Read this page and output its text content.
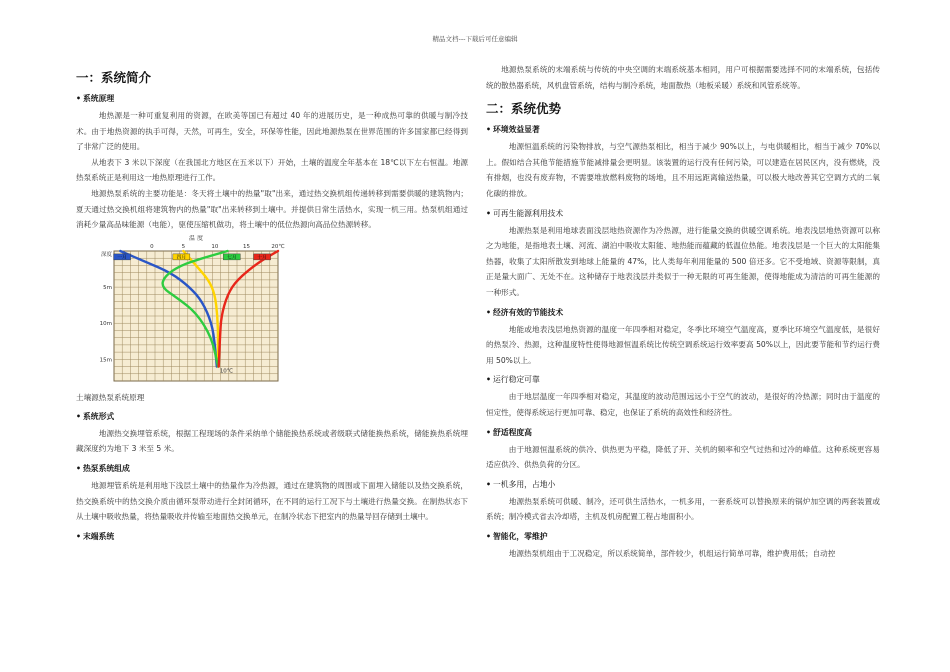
精品文档---下载后可任意编辑
一：系统简介
• 系统原理

地热源是一种可重复利用的资源，在欧美等国已有超过 40 年的进展历史，是一种成热可靠的供暖与制冷技术。由于地热资源的执手可得，天然，可再生，安全，环保等性能，因此地源热泵在世界范围的许多国家都已经得到了非常广泛的使用。

从地表下 3 米以下深度（在我国北方地区在五米以下）开始，土壤的温度全年基本在 18℃以下左右恒温。地源热泵系统正是利用这一地热原理进行工作。

地源热泵系统的主要功能是：冬天将土壤中的热量"取"出来，通过热交换机组传递转移到需要供暖的建筑物内；夏天通过热交换机组将建筑物内的热量"取"出来转移到土壤中。并提供日常生活热水，实现一机三用。热泵机组通过消耗少量高品味能源（电能），驱使压缩机做功，将土壤中的低位热源向高品位热源转移。

温 度
0	5	10	15	20℃
深度
5m
10m
15m
一月	四月	七月	十月
10℃
土壤源热泵系统原理
• 系统形式

地源热交换埋管系统，根据工程现场的条件采纳单个储能换热系统或者级联式储能换热系统，储能换热系统埋藏深度约为地下 3 米至 5 米。

• 热泵系统组成

地源埋管系统是利用地下浅层土壤中的热量作为冷热源，通过在建筑物的周围或下面埋入储能以及热交换系统，热交换系统中的热交换介质由循环泵带动进行全封闭循环，在不同的运行工况下与土壤进行热量交换。在制热状态下从土壤中吸收热量，将热量吸收并传输至地面热交换单元，在制冷状态下把室内的热量导回存储到土壤中。

• 末端系统

地源热泵系统的末端系统与传统的中央空调的末端系统基本相同，用户可根据需要选择不同的末端系统，包括传统的散热器系统，风机盘管系统，结构与制冷系统，地面散热（地板采暖）系统和风管系统等。

二：系统优势
• 环境效益显著

地源恒温系统的污染物排放，与空气源热泵相比，相当于减少 90%以上，与电供暖相比，相当于减少 70%以上。假如结合其他节能措施节能减排量会更明显。该装置的运行没有任何污染，可以建造在居民区内，没有燃烧，没有排烟，也没有废弃物，不需要堆放燃料废物的场地，且不用远距离输送热量，可以极大地改善其它空调方式的二氧化碳的排放。

• 可再生能源利用技术

地源热泵是利用地球表面浅层地热资源作为冷热源，进行能量交换的供暖空调系统。地表浅层地热资源可以称之为地能，是指地表土壤、河流、湖泊中吸收太阳能、地热能而蕴藏的低温位热能。地表浅层是一个巨大的太阳能集热器，收集了太阳所散发到地球上能量的 47%，比人类每年利用能量的 500 倍还多。它不受地域、资源等限制，真正是量大面广、无处不在。这种储存于地表浅层并类似于一种无限的可再生能源，使得地能成为清洁的可再生能源的一种形式。

• 经济有效的节能技术

地能或地表浅层地热资源的温度一年四季相对稳定，冬季比环境空气温度高，夏季比环境空气温度低，是很好的热泵冷、热源，这种温度特性使得地源恒温系统比传统空调系统运行效率要高 50%以上，因此要节能和节约运行费用 50%以上。

• 运行稳定可靠

由于地层温度一年四季相对稳定，其温度的波动范围远远小于空气的波动，是很好的冷热源；同时由于温度的恒定性，使得系统运行更加可靠、稳定，也保证了系统的高效性和经济性。

• 舒适程度高

由于地源恒温系统的供冷、供热更为平稳，降低了开、关机的频率和空气过热和过冷的峰值。这种系统更容易适应供冷、供热负荷的分区。

• 一机多用，占地小

地源热泵系统可供暖、制冷，还可供生活热水，一机多用，一套系统可以替换原来的锅炉加空调的两套装置或系统；制冷模式省去冷却塔，主机及机房配置工程占地面积小。

• 智能化，零维护

地源热泵机组由于工况稳定，所以系统简单，部件较少，机组运行简单可靠，维护费用低；自动控
